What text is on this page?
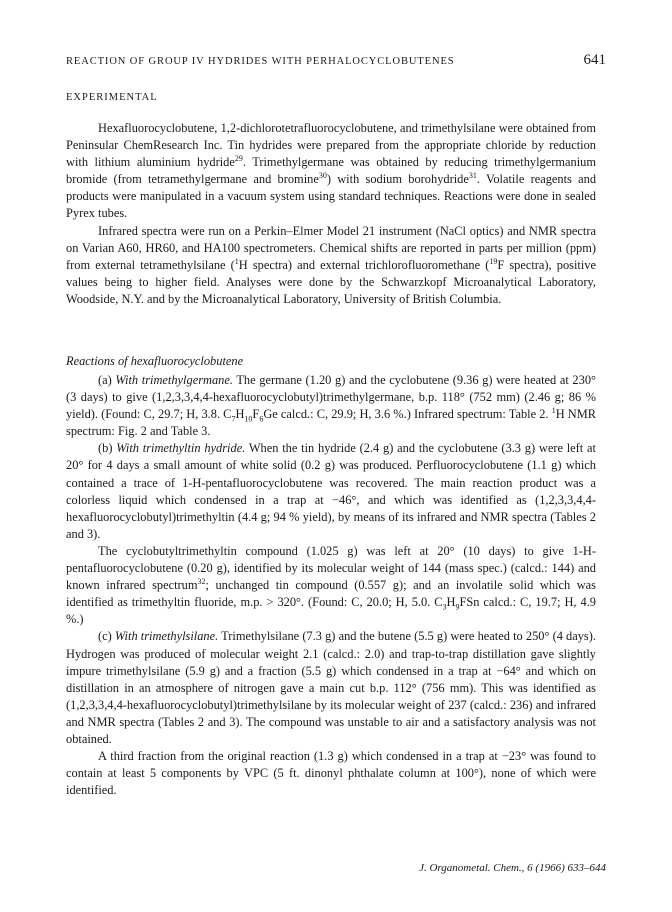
REACTION OF GROUP IV HYDRIDES WITH PERHALOCYCLOBUTENES	641
EXPERIMENTAL

Hexafluorocyclobutene, 1,2-dichlorotetrafluorocyclobutene, and trimethylsilane were obtained from Peninsular ChemResearch Inc. Tin hydrides were prepared from the appropriate chloride by reduction with lithium aluminium hydride$^{29}$. Trimethylgermane was obtained by reducing trimethylgermanium bromide (from tetramethylgermane and bromine$^{30}$) with sodium borohydride$^{31}$. Volatile reagents and products were manipulated in a vacuum system using standard techniques. Reactions were done in sealed Pyrex tubes.

Infrared spectra were run on a Perkin–Elmer Model 21 instrument (NaCl optics) and NMR spectra on Varian A60, HR60, and HA100 spectrometers. Chemical shifts are reported in parts per million (ppm) from external tetramethylsilane ($^1$H spectra) and external trichlorofluoromethane ($^{19}$F spectra), positive values being to higher field. Analyses were done by the Schwarzkopf Microanalytical Laboratory, Woodside, N.Y. and by the Microanalytical Laboratory, University of British Columbia.

Reactions of hexafluorocyclobutene

(a) With trimethylgermane. The germane (1.20 g) and the cyclobutene (9.36 g) were heated at 230° (3 days) to give (1,2,3,3,4,4-hexafluorocyclobutyl)trimethylgermane, b.p. 118° (752 mm) (2.46 g; 86 % yield). (Found: C, 29.7; H, 3.8. $C_7H_{10}F_6Ge$ calcd.: C, 29.9; H, 3.6 %.) Infrared spectrum: Table 2. $^1$H NMR spectrum: Fig. 2 and Table 3.

(b) With trimethyltin hydride. When the tin hydride (2.4 g) and the cyclobutene (3.3 g) were left at 20° for 4 days a small amount of white solid (0.2 g) was produced. Perfluorocyclobutene (1.1 g) which contained a trace of 1-H-pentafluorocyclobutene was recovered. The main reaction product was a colorless liquid which condensed in a trap at −46°, and which was identified as (1,2,3,3,4,4-hexafluorocyclobutyl)trimethyltin (4.4 g; 94 % yield), by means of its infrared and NMR spectra (Tables 2 and 3).

The cyclobutyltrimethyltin compound (1.025 g) was left at 20° (10 days) to give 1-H-pentafluorocyclobutene (0.20 g), identified by its molecular weight of 144 (mass spec.) (calcd.: 144) and known infrared spectrum$^{32}$; unchanged tin compound (0.557 g); and an involatile solid which was identified as trimethyltin fluoride, m.p. > 320°. (Found: C, 20.0; H, 5.0. $C_3H_9FSn$ calcd.: C, 19.7; H, 4.9 %.)

(c) With trimethylsilane. Trimethylsilane (7.3 g) and the butene (5.5 g) were heated to 250° (4 days). Hydrogen was produced of molecular weight 2.1 (calcd.: 2.0) and trap-to-trap distillation gave slightly impure trimethylsilane (5.9 g) and a fraction (5.5 g) which condensed in a trap at −64° and which on distillation in an atmosphere of nitrogen gave a main cut b.p. 112° (756 mm). This was identified as (1,2,3,3,4,4-hexafluorocyclobutyl)trimethylsilane by its molecular weight of 237 (calcd.: 236) and infrared and NMR spectra (Tables 2 and 3). The compound was unstable to air and a satisfactory analysis was not obtained.

A third fraction from the original reaction (1.3 g) which condensed in a trap at −23° was found to contain at least 5 components by VPC (5 ft. dinonyl phthalate column at 100°), none of which were identified.

J. Organometal. Chem., 6 (1966) 633–644
